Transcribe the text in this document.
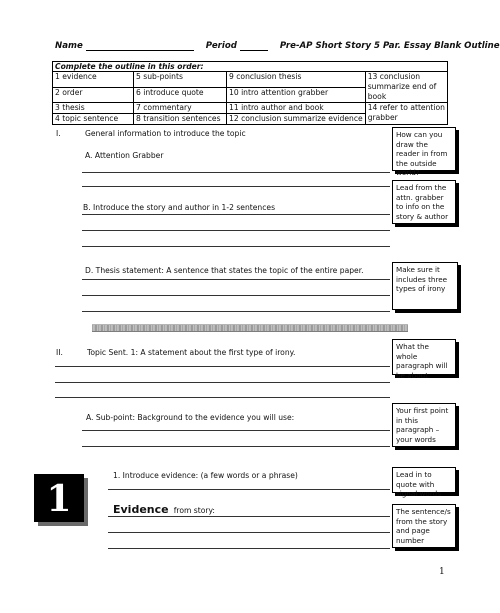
Name	Period	Pre-AP Short Story 5 Par. Essay Blank Outline
Complete the outline in this order:			
1 evidence	5 sub-points	9 conclusion thesis	13 conclusion summarize end of book
2 order	6 introduce quote	10 intro attention grabber	
3 thesis	7 commentary	11 intro author and book	14 refer to attention grabber
4 topic sentence	8 transition sentences	12 conclusion summarize evidence	
I.	General information to introduce the topic
A. Attention Grabber
B. Introduce the story and author in 1-2 sentences
D. Thesis statement: A sentence that states the topic of the entire paper.
II.	Topic Sent. 1: A statement about the first type of irony.
A. Sub-point: Background to the evidence you will use:
1
1. Introduce evidence: (a few words or a phrase)
Evidence from story:
How can you draw the reader in from the outside world?
Lead from the attn. grabber to info on the story & author
Make sure it includes three types of irony
What the whole paragraph will be about
Your first point in this paragraph – your words
Lead in to quote with signal words
The sentence/s from the story and page number
1
